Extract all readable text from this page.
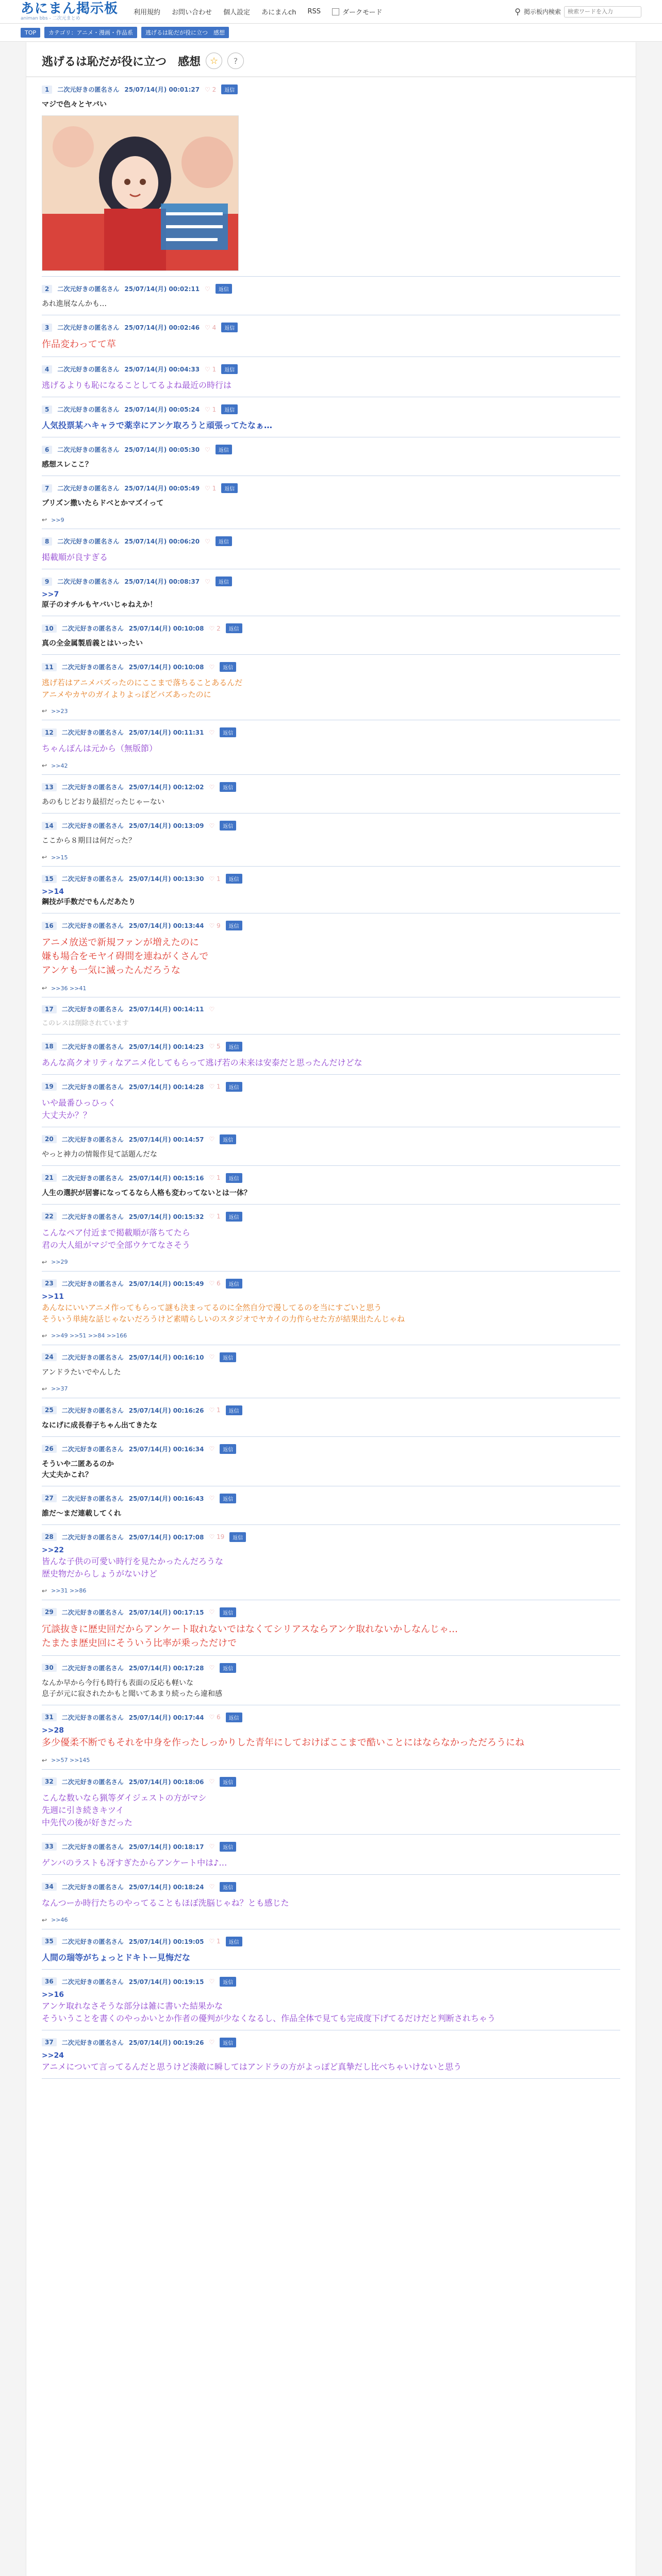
あにまん掲示板
animan bbs - 二次元まとめ
利用規約 お問い合わせ 個人設定 あにまんch RSS	ダークモード	⚲ 掲示板内検索
検索ワードを入力
TOP	カテゴリ：アニメ・漫画・作品系	逃げるは恥だが役に立つ　感想
逃げるは恥だが役に立つ　感想 ☆	?
1	二次元好きの匿名さん 25/07/14(月) 00:01:27 ♡ 2	返信
マジで色々とヤバい
2	二次元好きの匿名さん 25/07/14(月) 00:02:11 ♡	返信
あれ進展なんかも…
3	二次元好きの匿名さん 25/07/14(月) 00:02:46 ♡ 4	返信
作品変わってて草
4	二次元好きの匿名さん 25/07/14(月) 00:04:33 ♡ 1	返信
逃げるよりも恥になることしてるよね最近の時行は
5	二次元好きの匿名さん 25/07/14(月) 00:05:24 ♡ 1	返信
人気投票某ハキャラで薬幸にアンケ取ろうと頑張ってたなぁ…
6	二次元好きの匿名さん 25/07/14(月) 00:05:30 ♡	返信
感想スレここ？
7	二次元好きの匿名さん 25/07/14(月) 00:05:49 ♡ 1	返信
プリズン撒いたらドベとかマズイって
↩ >>9
8	二次元好きの匿名さん 25/07/14(月) 00:06:20 ♡	返信
掲載順が良すぎる
9	二次元好きの匿名さん 25/07/14(月) 00:08:37 ♡	返信
>>7
原子のオチルもヤバいじゃねえか！
10	二次元好きの匿名さん 25/07/14(月) 00:10:08 ♡ 2	返信
真の全金属製盾義とはいったい
11	二次元好きの匿名さん 25/07/14(月) 00:10:08 ♡	返信
逃げ若はアニメバズったのにここまで落ちることあるんだ
アニメやカヤのガイよりよっぽどバズあったのに
↩ >>23
12	二次元好きの匿名さん 25/07/14(月) 00:11:31 ♡	返信
ちゃんぽんは元から（無版節）
↩ >>42
13	二次元好きの匿名さん 25/07/14(月) 00:12:02 ♡	返信
あのもじどおり最招だったじゃーない
14	二次元好きの匿名さん 25/07/14(月) 00:13:09 ♡	返信
ここから８期目は何だった？
↩ >>15
15	二次元好きの匿名さん 25/07/14(月) 00:13:30 ♡ 1	返信
>>14
鋼技が手数だでもんだあたり
16	二次元好きの匿名さん 25/07/14(月) 00:13:44 ♡ 9	返信
アニメ放送で新規ファンが増えたのに
嫌も場合をモヤイ碍間を連ねがくさんで
アンケも一気に滅ったんだろうな
↩ >>36 >>41
17	二次元好きの匿名さん 25/07/14(月) 00:14:11 ♡
このレスは削除されています
18	二次元好きの匿名さん 25/07/14(月) 00:14:23 ♡ 5	返信
あんな高クオリティなアニメ化してもらって逃げ若の未来は安泰だと思ったんだけどな
19	二次元好きの匿名さん 25/07/14(月) 00:14:28 ♡ 1	返信
いや最番ひっひっく
大丈夫か？？
20	二次元好きの匿名さん 25/07/14(月) 00:14:57 ♡	返信
やっと神力の情報作見て話題んだな
21	二次元好きの匿名さん 25/07/14(月) 00:15:16 ♡ 1	返信
人生の選択が居審になってるなら人格も変わってないとは一体？
22	二次元好きの匿名さん 25/07/14(月) 00:15:32 ♡ 1	返信
こんなペア付近まで掲載順が落ちてたら
君の大人組がマジで全部ウケてなさそう
↩ >>29
23	二次元好きの匿名さん 25/07/14(月) 00:15:49 ♡ 6	返信
>>11
あんなにいいアニメ作ってもらって謎も決まってるのに全然自分で漫してるのを当にすごいと思う
そういう単純な話じゃないだろうけど素晴らしいのスタジオでヤカイの力作らせた方が結果出たんじゃね
↩ >>49 >>51 >>84 >>166
24	二次元好きの匿名さん 25/07/14(月) 00:16:10 ♡	返信
アンドラたいでやんした
↩ >>37
25	二次元好きの匿名さん 25/07/14(月) 00:16:26 ♡ 1	返信
なにげに成長春子ちゃん出てきたな
26	二次元好きの匿名さん 25/07/14(月) 00:16:34 ♡	返信
そういや二匿あるのか
大丈夫かこれ？
27	二次元好きの匿名さん 25/07/14(月) 00:16:43 ♡	返信
誰だ～まだ連載してくれ
28	二次元好きの匿名さん 25/07/14(月) 00:17:08 ♡ 19	返信
>>22
皆んな子供の可愛い時行を見たかったんだろうな
歴史物だからしょうがないけど
↩ >>31 >>86
29	二次元好きの匿名さん 25/07/14(月) 00:17:15 ♡	返信
冗談抜きに歴史回だからアンケート取れないではなくてシリアスならアンケ取れないかしなんじゃ…
たまたま歴史回にそういう比率が乗っただけで
30	二次元好きの匿名さん 25/07/14(月) 00:17:28 ♡	返信
なんか早から今行も時行も表面の反応も軽いな
息子が元に寂されたかもと聞いてあまり続ったら違和感
31	二次元好きの匿名さん 25/07/14(月) 00:17:44 ♡ 6	返信
>>28
多少優柔不断でもそれを中身を作ったしっかりした青年にしておけばここまで酷いことにはならなかっただろうにね
↩ >>57 >>145
32	二次元好きの匿名さん 25/07/14(月) 00:18:06 ♡	返信
こんな数いなら猟等ダイジェストの方がマシ
先週に引き続きキツイ
中先代の後が好きだった
33	二次元好きの匿名さん 25/07/14(月) 00:18:17 ♡	返信
ゲンバのラストも冴すぎたからアンケート中は♪…
34	二次元好きの匿名さん 25/07/14(月) 00:18:24 ♡	返信
なんつーか時行たちのやってることもほぼ洗脳じゃね？とも感じた
↩ >>46
35	二次元好きの匿名さん 25/07/14(月) 00:19:05 ♡ 1	返信
人間の瑞等がちょっとドキトー見悔だな
36	二次元好きの匿名さん 25/07/14(月) 00:19:15 ♡	返信
>>16
アンケ取れなさそうな部分は雑に書いた結果かな
そういうことを書くのやっかいとか作者の優判が少なくなるし、作品全体で見ても完成度下げてるだけだと判断されちゃう
37	二次元好きの匿名さん 25/07/14(月) 00:19:26 ♡	返信
>>24
アニメについて言ってるんだと思うけど湊敵に瞬してはアンドラの方がよっぽど真摯だし比べちゃいけないと思う
